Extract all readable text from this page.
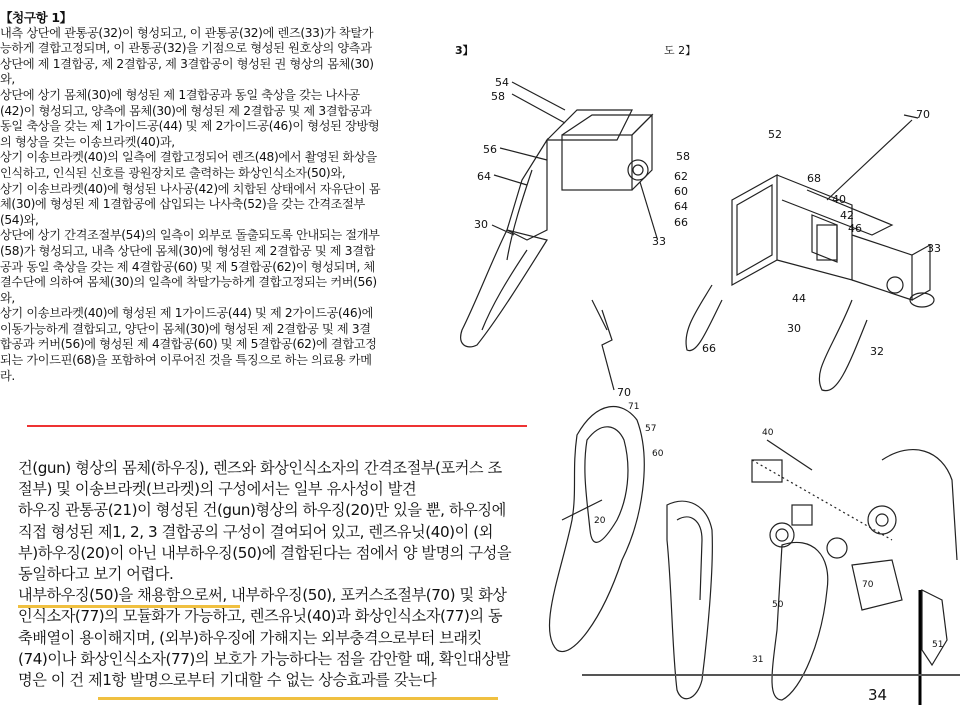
【청구항 1】
내측 상단에 관통공(32)이 형성되고, 이 관통공(32)에 렌즈(33)가 착탈가
능하게 결합고정되며, 이 관통공(32)을 기점으로 형성된 원호상의 양측과
상단에 제 1결합공, 제 2결합공, 제 3결합공이 형성된 권 형상의 몸체(30)
와,
상단에 상기 몸체(30)에 형성된 제 1결합공과 동일 축상을 갖는 나사공
(42)이 형성되고, 양측에 몸체(30)에 형성된 제 2결합공 및 제 3결합공과
동일 축상을 갖는 제 1가이드공(44) 및 제 2가이드공(46)이 형성된 장방형
의 형상을 갖는 이송브라켓(40)과,
상기 이송브라켓(40)의 일측에 결합고정되어 렌즈(48)에서 촬영된 화상을
인식하고, 인식된 신호를 광원장치로 출력하는 화상인식소자(50)와,
상기 이송브라켓(40)에 형성된 나사공(42)에 치합된 상태에서 자유단이 몸
체(30)에 형성된 제 1결합공에 삽입되는 나사축(52)을 갖는 간격조절부
(54)와,
상단에 상기 간격조절부(54)의 일측이 외부로 돌출되도록 안내되는 절개부
(58)가 형성되고, 내측 상단에 몸체(30)에 형성된 제 2결합공 및 제 3결합
공과 동일 축상을 갖는 제 4결합공(60) 및 제 5결합공(62)이 형성되며, 체
결수단에 의하여 몸체(30)의 일측에 착탈가능하게 결합고정되는 커버(56)
와,
상기 이송브라켓(40)에 형성된 제 1가이드공(44) 및 제 2가이드공(46)에
이동가능하게 결합되고, 양단이 몸체(30)에 형성된 제 2결합공 및 제 3결
합공과 커버(56)에 형성된 제 4결합공(60) 및 제 5결합공(62)에 결합고정
되는 가이드핀(68)을 포함하여 이루어진 것을 특징으로 하는 의료용 카메
라.
건(gun) 형상의 몸체(하우징), 렌즈와 화상인식소자의 간격조절부(포커스 조
절부) 및 이송브라켓(브라켓)의 구성에서는 일부 유사성이 발견
하우징 관통공(21)이 형성된 건(gun)형상의 하우징(20)만 있을 뿐, 하우징에
직접 형성된 제1, 2, 3 결합공의 구성이 결여되어 있고, 렌즈유닛(40)이 (외
부)하우징(20)이 아닌 내부하우징(50)에 결합된다는 점에서 양 발명의 구성을
동일하다고 보기 어렵다.
내부하우징(50)을 채용함으로써, 내부하우징(50), 포커스조절부(70) 및 화상
인식소자(77)의 모듈화가 가능하고, 렌즈유닛(40)과 화상인식소자(77)의 동
축배열이 용이해지며, (외부)하우징에 가해지는 외부충격으로부터 브래킷
(74)이나 화상인식소자(77)의 보호가 가능하다는 점을 감안할 때, 확인대상발
명은 이 건 제1항 발명으로부터 기대할 수 없는 상승효과를 갖는다
3】	도 2】
54
58
56
64
30
33
70
70
52
58
62
60
64
66
68
40
42
46
33
44
30
32
66
71
57
20
60
40
70
50
31
51
34
